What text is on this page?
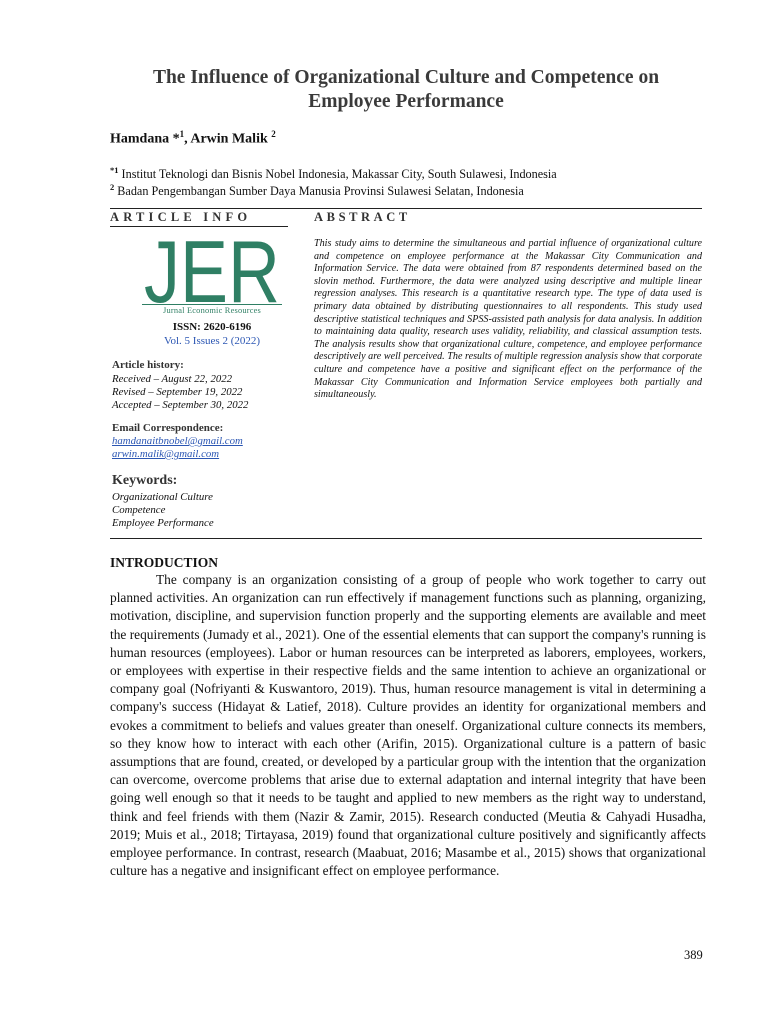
The Influence of Organizational Culture and Competence on Employee Performance
Hamdana *$^1$, Arwin Malik $^2$
$^{*1}$ Institut Teknologi dan Bisnis Nobel Indonesia, Makassar City, South Sulawesi, Indonesia
$^2$ Badan Pengembangan Sumber Daya Manusia Provinsi Sulawesi Selatan, Indonesia
ARTICLE INFO
JER
Jurnal Economic Resources
ISSN: 2620-6196
Vol. 5 Issues 2 (2022)
Article history:
Received – August 22, 2022
Revised – September 19, 2022
Accepted – September 30, 2022
Email Correspondence:
hamdanaitbnobel@gmail.com
arwin.malik@gmail.com
Keywords:
Organizational Culture
Competence
Employee Performance
ABSTRACT
This study aims to determine the simultaneous and partial influence of organizational culture and competence on employee performance at the Makassar City Communication and Information Service. The data were obtained from 87 respondents determined based on the slovin method. Furthermore, the data were analyzed using descriptive and multiple linear regression analyses. This research is a quantitative research type. The type of data used is primary data obtained by distributing questionnaires to all respondents. This study used descriptive statistical techniques and SPSS-assisted path analysis for data analysis. In addition to maintaining data quality, research uses validity, reliability, and classical assumption tests. The analysis results show that organizational culture, competence, and employee performance descriptively are well perceived. The results of multiple regression analysis show that corporate culture and competence have a positive and significant effect on the performance of the Makassar City Communication and Information Service employees both partially and simultaneously.
INTRODUCTION

The company is an organization consisting of a group of people who work together to carry out planned activities. An organization can run effectively if management functions such as planning, organizing, motivation, discipline, and supervision function properly and the supporting elements are available and meet the requirements (Jumady et al., 2021). One of the essential elements that can support the company's running is human resources (employees). Labor or human resources can be interpreted as laborers, employees, workers, or employees with expertise in their respective fields and the same intention to achieve an organizational or company goal (Nofriyanti & Kuswantoro, 2019). Thus, human resource management is vital in determining a company's success (Hidayat & Latief, 2018). Culture provides an identity for organizational members and evokes a commitment to beliefs and values greater than oneself. Organizational culture connects its members, so they know how to interact with each other (Arifin, 2015). Organizational culture is a pattern of basic assumptions that are found, created, or developed by a particular group with the intention that the organization can overcome, overcome problems that arise due to external adaptation and internal integrity that have been going well enough so that it needs to be taught and applied to new members as the right way to understand, think and feel friends with them (Nazir & Zamir, 2015). Research conducted (Meutia & Cahyadi Husadha, 2019; Muis et al., 2018; Tirtayasa, 2019) found that organizational culture positively and significantly affects employee performance. In contrast, research (Maabuat, 2016; Masambe et al., 2015) shows that organizational culture has a negative and insignificant effect on employee performance.

389
